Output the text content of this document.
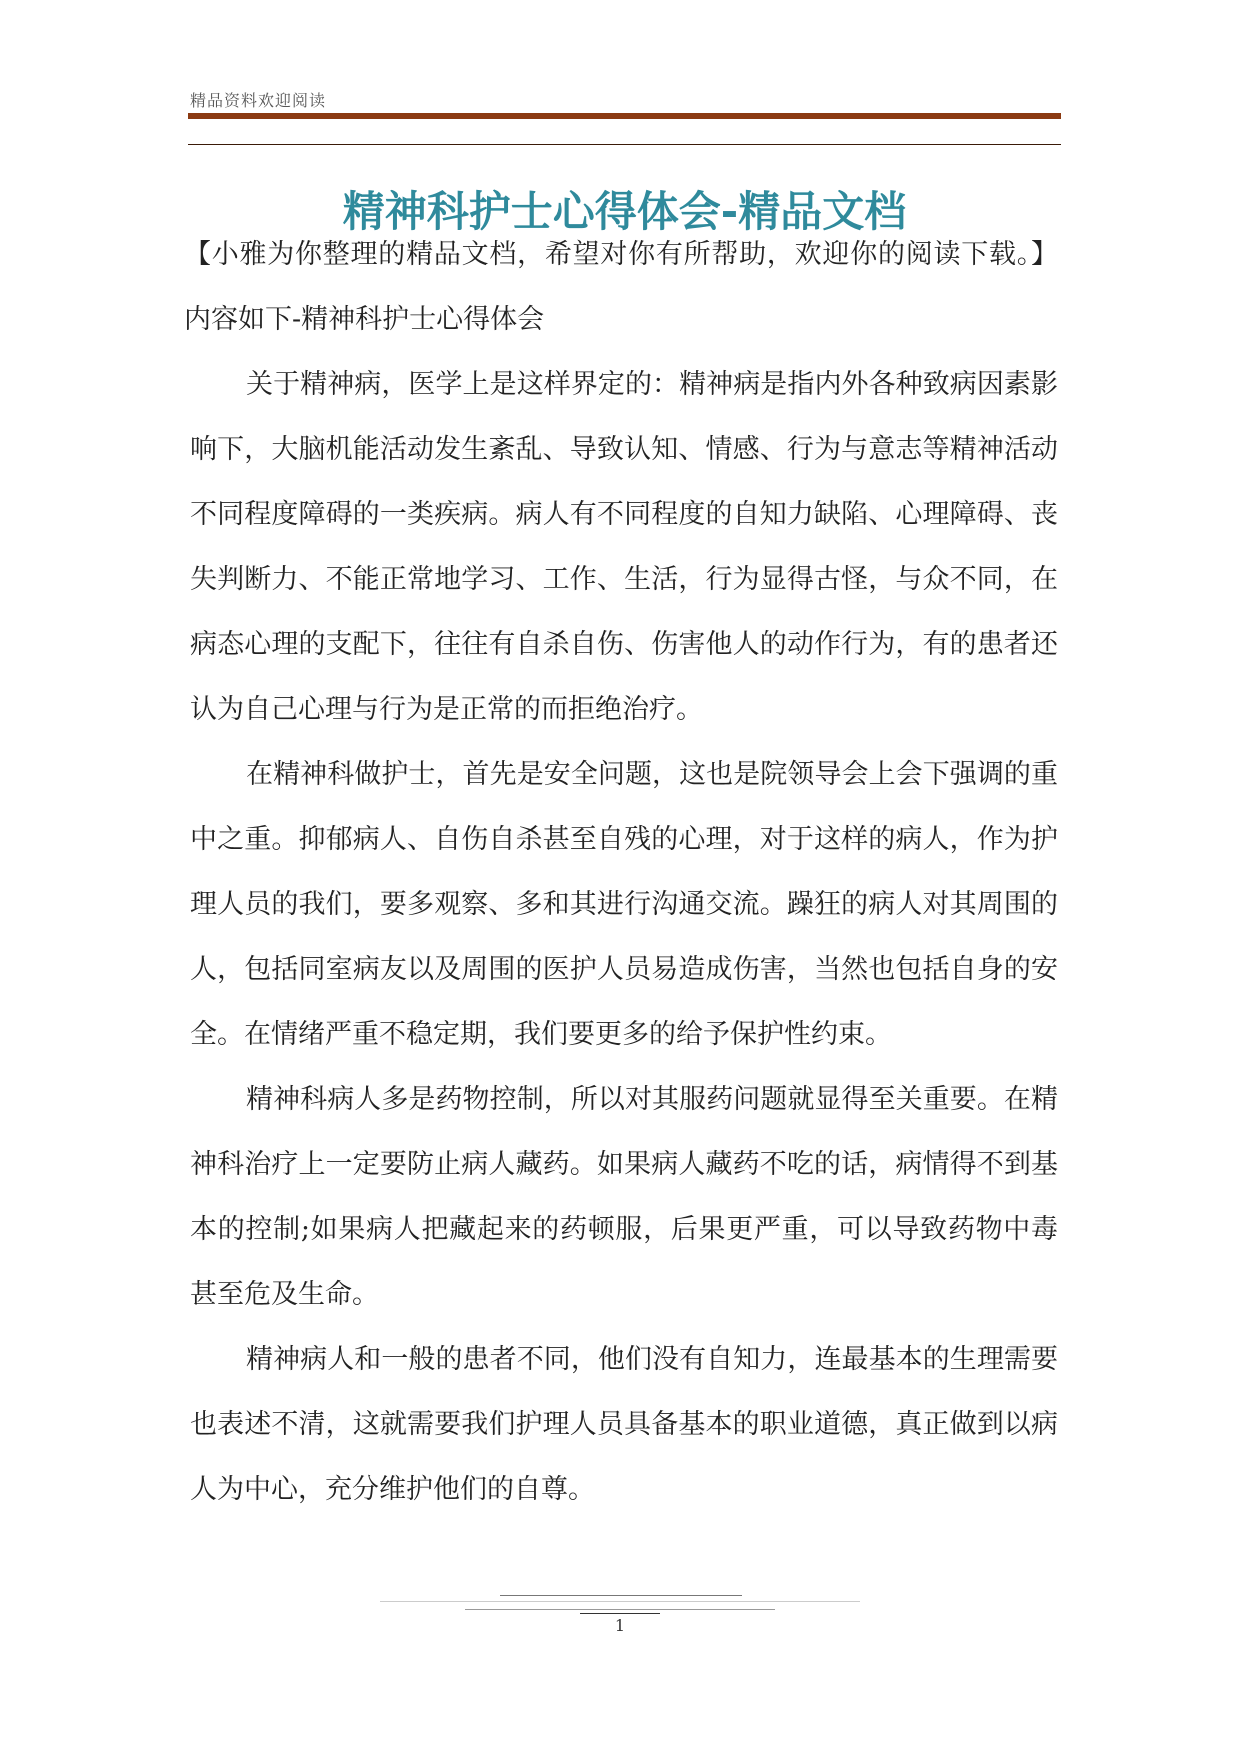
精品资料欢迎阅读
精神科护士心得体会-精品文档

【小雅为你整理的精品文档，希望对你有所帮助，欢迎你的阅读下载。】内容如下-精神科护士心得体会

关于精神病，医学上是这样界定的：精神病是指内外各种致病因素影响下，大脑机能活动发生紊乱、导致认知、情感、行为与意志等精神活动不同程度障碍的一类疾病。病人有不同程度的自知力缺陷、心理障碍、丧失判断力、不能正常地学习、工作、生活，行为显得古怪，与众不同，在病态心理的支配下，往往有自杀自伤、伤害他人的动作行为，有的患者还认为自己心理与行为是正常的而拒绝治疗。

在精神科做护士，首先是安全问题，这也是院领导会上会下强调的重中之重。抑郁病人、自伤自杀甚至自残的心理，对于这样的病人，作为护理人员的我们，要多观察、多和其进行沟通交流。躁狂的病人对其周围的人，包括同室病友以及周围的医护人员易造成伤害，当然也包括自身的安全。在情绪严重不稳定期，我们要更多的给予保护性约束。

精神科病人多是药物控制，所以对其服药问题就显得至关重要。在精神科治疗上一定要防止病人藏药。如果病人藏药不吃的话，病情得不到基本的控制;如果病人把藏起来的药顿服，后果更严重，可以导致药物中毒甚至危及生命。

精神病人和一般的患者不同，他们没有自知力，连最基本的生理需要也表述不清，这就需要我们护理人员具备基本的职业道德，真正做到以病人为中心，充分维护他们的自尊。

1
